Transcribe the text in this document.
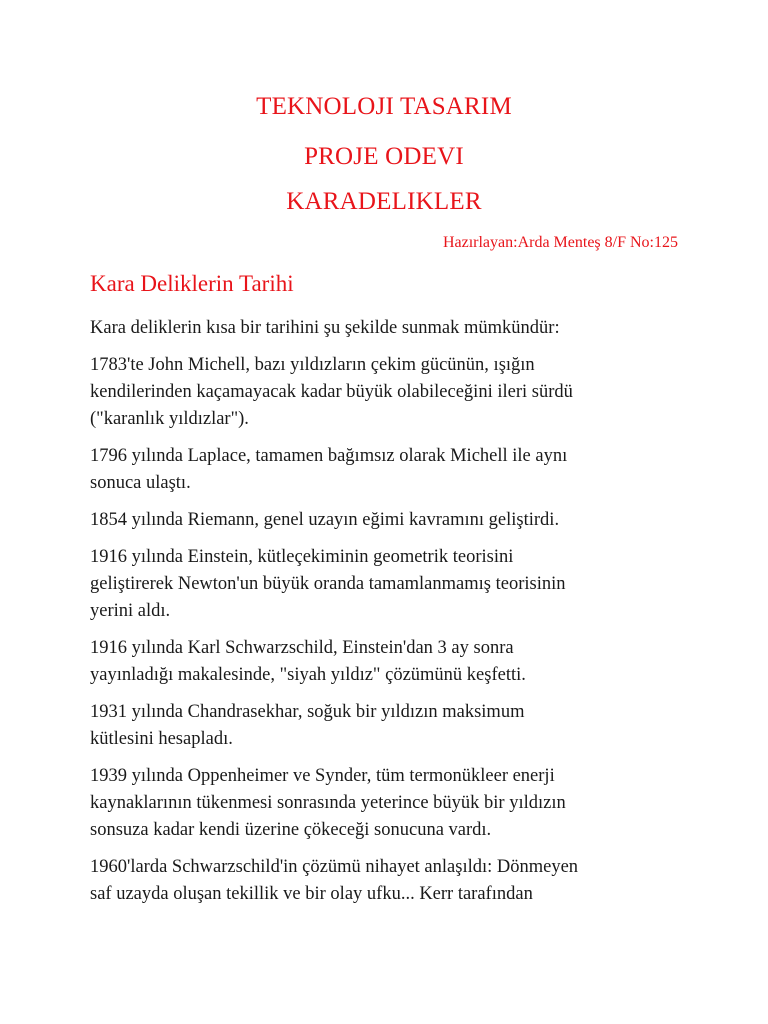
TEKNOLOJI TASARIM
PROJE ODEVI
KARADELIKLER
Hazırlayan:Arda Menteş 8/F No:125
Kara Deliklerin Tarihi

Kara deliklerin kısa bir tarihini şu şekilde sunmak mümkündür:

1783'te John Michell, bazı yıldızların çekim gücünün, ışığın
kendilerinden kaçamayacak kadar büyük olabileceğini ileri sürdü
("karanlık yıldızlar").

1796 yılında Laplace, tamamen bağımsız olarak Michell ile aynı
sonuca ulaştı.

1854 yılında Riemann, genel uzayın eğimi kavramını geliştirdi.

1916 yılında Einstein, kütleçekiminin geometrik teorisini
geliştirerek Newton'un büyük oranda tamamlanmamış teorisinin
yerini aldı.

1916 yılında Karl Schwarzschild, Einstein'dan 3 ay sonra
yayınladığı makalesinde, "siyah yıldız" çözümünü keşfetti.

1931 yılında Chandrasekhar, soğuk bir yıldızın maksimum
kütlesini hesapladı.

1939 yılında Oppenheimer ve Synder, tüm termonükleer enerji
kaynaklarının tükenmesi sonrasında yeterince büyük bir yıldızın
sonsuza kadar kendi üzerine çökeceği sonucuna vardı.

1960'larda Schwarzschild'in çözümü nihayet anlaşıldı: Dönmeyen
saf uzayda oluşan tekillik ve bir olay ufku... Kerr tarafından
